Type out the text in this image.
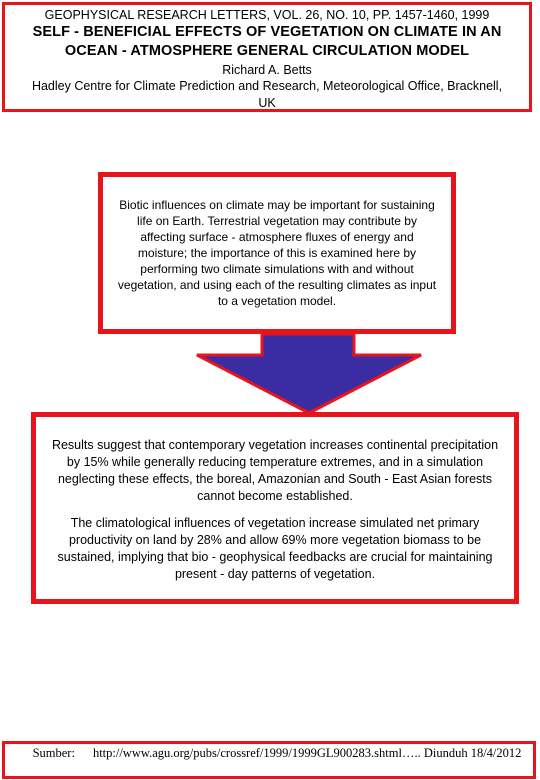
GEOPHYSICAL RESEARCH LETTERS, VOL. 26, NO. 10, PP. 1457-1460, 1999
SELF - BENEFICIAL EFFECTS OF VEGETATION ON CLIMATE IN AN OCEAN - ATMOSPHERE GENERAL CIRCULATION MODEL
Richard A. Betts
Hadley Centre for Climate Prediction and Research, Meteorological Office, Bracknell, UK
Biotic influences on climate may be important for sustaining life on Earth. Terrestrial vegetation may contribute by affecting surface - atmosphere fluxes of energy and moisture; the importance of this is examined here by performing two climate simulations with and without vegetation, and using each of the resulting climates as input to a vegetation model.

Results suggest that contemporary vegetation increases continental precipitation by 15% while generally reducing temperature extremes, and in a simulation neglecting these effects, the boreal, Amazonian and South - East Asian forests cannot become established.

The climatological influences of vegetation increase simulated net primary productivity on land by 28% and allow 69% more vegetation biomass to be sustained, implying that bio - geophysical feedbacks are crucial for maintaining present - day patterns of vegetation.

Sumber: http://www.agu.org/pubs/crossref/1999/1999GL900283.shtml….. Diunduh 18/4/2012
